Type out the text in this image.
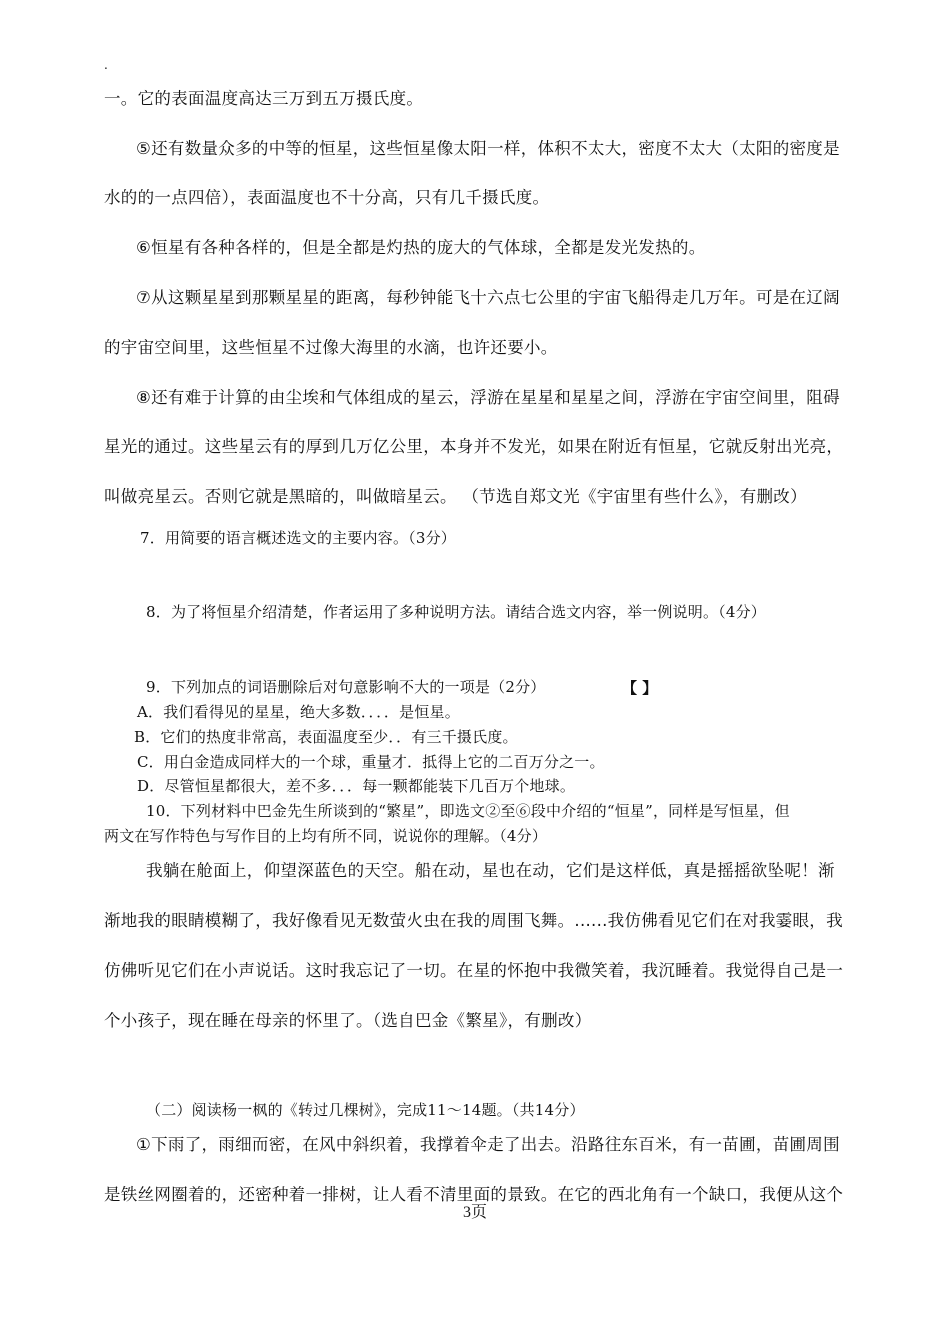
.
一。它的表面温度高达三万到五万摄氏度。
⑤还有数量众多的中等的恒星，这些恒星像太阳一样，体积不太大，密度不太大（太阳的密度是
水的的一点四倍），表面温度也不十分高，只有几千摄氏度。
⑥恒星有各种各样的，但是全都是灼热的庞大的气体球，全都是发光发热的。
⑦从这颗星星到那颗星星的距离，每秒钟能飞十六点七公里的宇宙飞船得走几万年。可是在辽阔
的宇宙空间里，这些恒星不过像大海里的水滴，也许还要小。
⑧还有难于计算的由尘埃和气体组成的星云，浮游在星星和星星之间，浮游在宇宙空间里，阻碍
星光的通过。这些星云有的厚到几万亿公里，本身并不发光，如果在附近有恒星，它就反射出光亮，
叫做亮星云。否则它就是黑暗的，叫做暗星云。 （节选自郑文光《宇宙里有些什么》，有删改）
7．用简要的语言概述选文的主要内容。（3分）
8．为了将恒星介绍清楚，作者运用了多种说明方法。请结合选文内容，举一例说明。（4分）
9．下列加点的词语删除后对句意影响不大的一项是（2分）	【 】
A．我们看得见的星星，绝大多数．．．．是恒星。
B．它们的热度非常高，表面温度至少．．有三千摄氏度。
C．用白金造成同样大的一个球，重量才．抵得上它的二百万分之一。
D．尽管恒星都很大，差不多．．．每一颗都能装下几百万个地球。
10．下列材料中巴金先生所谈到的“繁星”，即选文②至⑥段中介绍的“恒星”，同样是写恒星，但
两文在写作特色与写作目的上均有所不同，说说你的理解。（4分）
我躺在舱面上，仰望深蓝色的天空。船在动，星也在动，它们是这样低，真是摇摇欲坠呢！渐
渐地我的眼睛模糊了，我好像看见无数萤火虫在我的周围飞舞。......我仿佛看见它们在对我霎眼，我
仿佛听见它们在小声说话。这时我忘记了一切。在星的怀抱中我微笑着，我沉睡着。我觉得自己是一
个小孩子，现在睡在母亲的怀里了。（选自巴金《繁星》，有删改）
（二）阅读杨一枫的《转过几棵树》，完成11～14题。（共14分）
①下雨了，雨细而密，在风中斜织着，我撑着伞走了出去。沿路往东百米，有一苗圃，苗圃周围
是铁丝网圈着的，还密种着一排树，让人看不清里面的景致。在它的西北角有一个缺口，我便从这个
3页
